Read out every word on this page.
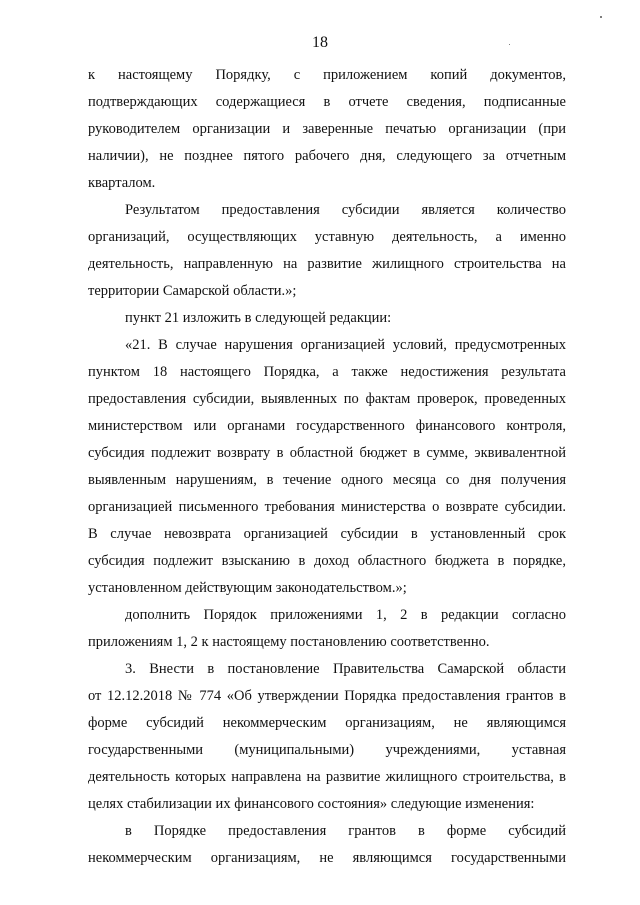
18
к настоящему Порядку, с приложением копий документов,
подтверждающих содержащиеся в отчете сведения, подписанные
руководителем организации и заверенные печатью организации (при
наличии), не позднее пятого рабочего дня, следующего за отчетным
кварталом.
Результатом предоставления субсидии является количество
организаций, осуществляющих уставную деятельность, а именно
деятельность, направленную на развитие жилищного строительства на
территории Самарской области.»;
пункт 21 изложить в следующей редакции:
«21. В случае нарушения организацией условий, предусмотренных
пунктом 18 настоящего Порядка, а также недостижения результата
предоставления субсидии, выявленных по фактам проверок, проведенных
министерством или органами государственного финансового контроля,
субсидия подлежит возврату в областной бюджет в сумме, эквивалентной
выявленным нарушениям, в течение одного месяца со дня получения
организацией письменного требования министерства о возврате субсидии.
В случае невозврата организацией субсидии в установленный срок
субсидия подлежит взысканию в доход областного бюджета в порядке,
установленном действующим законодательством.»;
дополнить Порядок приложениями 1, 2 в редакции согласно
приложениям 1, 2 к настоящему постановлению соответственно.
3. Внести в постановление Правительства Самарской области
от 12.12.2018 № 774 «Об утверждении Порядка предоставления грантов в
форме субсидий некоммерческим организациям, не являющимся
государственными (муниципальными) учреждениями, уставная
деятельность которых направлена на развитие жилищного строительства, в
целях стабилизации их финансового состояния» следующие изменения:
в Порядке предоставления грантов в форме субсидий
некоммерческим организациям, не являющимся государственными
